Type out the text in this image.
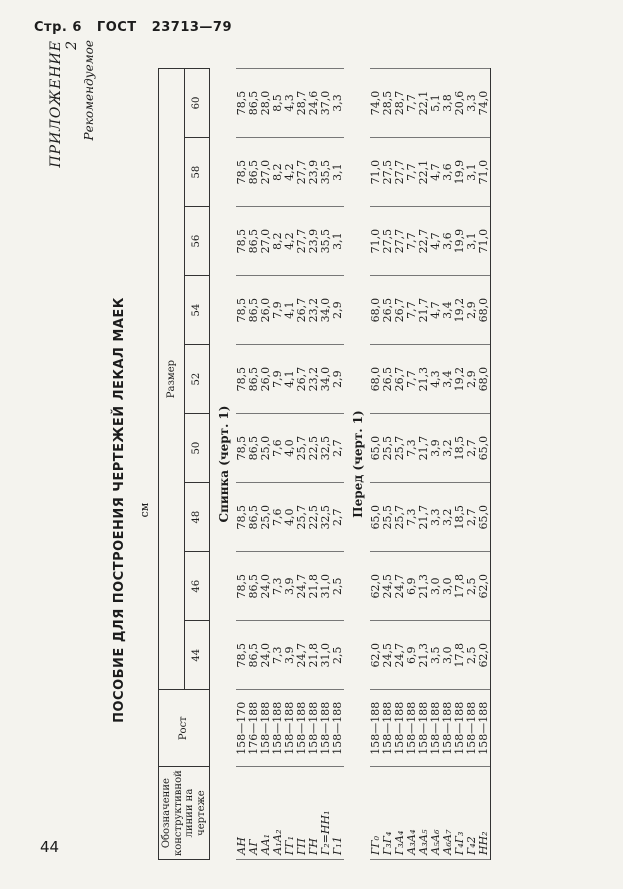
Стр. 6 ГОСТ 23713—79
44
ПРИЛОЖЕНИЕ 2 Рекомендуемое
ПОСОБИЕ ДЛЯ ПОСТРОЕНИЯ ЧЕРТЕЖЕЙ ЛЕКАЛ МАЕК см
Обозначение конструктивной линии на чертеже	Рост	Размер								
		44	46	48	50	52	54	56	58	60
Спинка (черт. 1)										
АН	158—170	78,5	78,5	78,5	78,5	78,5	78,5	78,5	78,5	78,5
АГ	176—188	86,5	86,5	86,5	86,5	86,5	86,5	86,5	86,5	86,5
АА₁	158—188	24,0	24,0	25,0	25,0	26,0	26,0	27,0	27,0	28,0
А₁А₂	158—188	7,3	7,3	7,6	7,6	7,9	7,9	8,2	8,2	8,5
ГГ₁	158—188	3,9	3,9	4,0	4,0	4,1	4,1	4,2	4,2	4,3
ГП	158—188	24,7	24,7	25,7	25,7	26,7	26,7	27,7	27,7	28,7
ГН	158—188	21,8	21,8	22,5	22,5	23,2	23,2	23,9	23,9	24,6
Г₂=НН₁	158—188	31,0	31,0	32,5	32,5	34,0	34,0	35,5	35,5	37,0
Г₁1	158—188	2,5	2,5	2,7	2,7	2,9	2,9	3,1	3,1	3,3
Перед (черт. 1)										
ГГ₀	158—188	62,0	62,0	65,0	65,0	68,0	68,0	71,0	71,0	74,0
Г₃Г₄	158—188	24,5	24,5	25,5	25,5	26,5	26,5	27,5	27,5	28,5
Г₃А₄	158—188	24,7	24,7	25,7	25,7	26,7	26,7	27,7	27,7	28,7
А₃А₄	158—188	6,9	6,9	7,3	7,3	7,7	7,7	7,7	7,7	7,7
А₃А₅	158—188	21,3	21,3	21,7	21,7	21,3	21,7	22,7	22,1	22,1
А₅А₆	158—188	3,5	3,0	3,3	3,9	4,3	4,7	4,7	4,7	5,1
А₆А₇	158—188	3,0	3,0	3,2	3,2	3,4	3,4	3,6	3,6	3,8
Г₄Г₃	158—188	17,8	17,8	18,5	18,5	19,2	19,2	19,9	19,9	20,6
Г₄2	158—188	2,5	2,5	2,7	2,7	2,9	2,9	3,1	3,1	3,3
НН₂	158—188	62,0	62,0	65,0	65,0	68,0	68,0	71,0	71,0	74,0
